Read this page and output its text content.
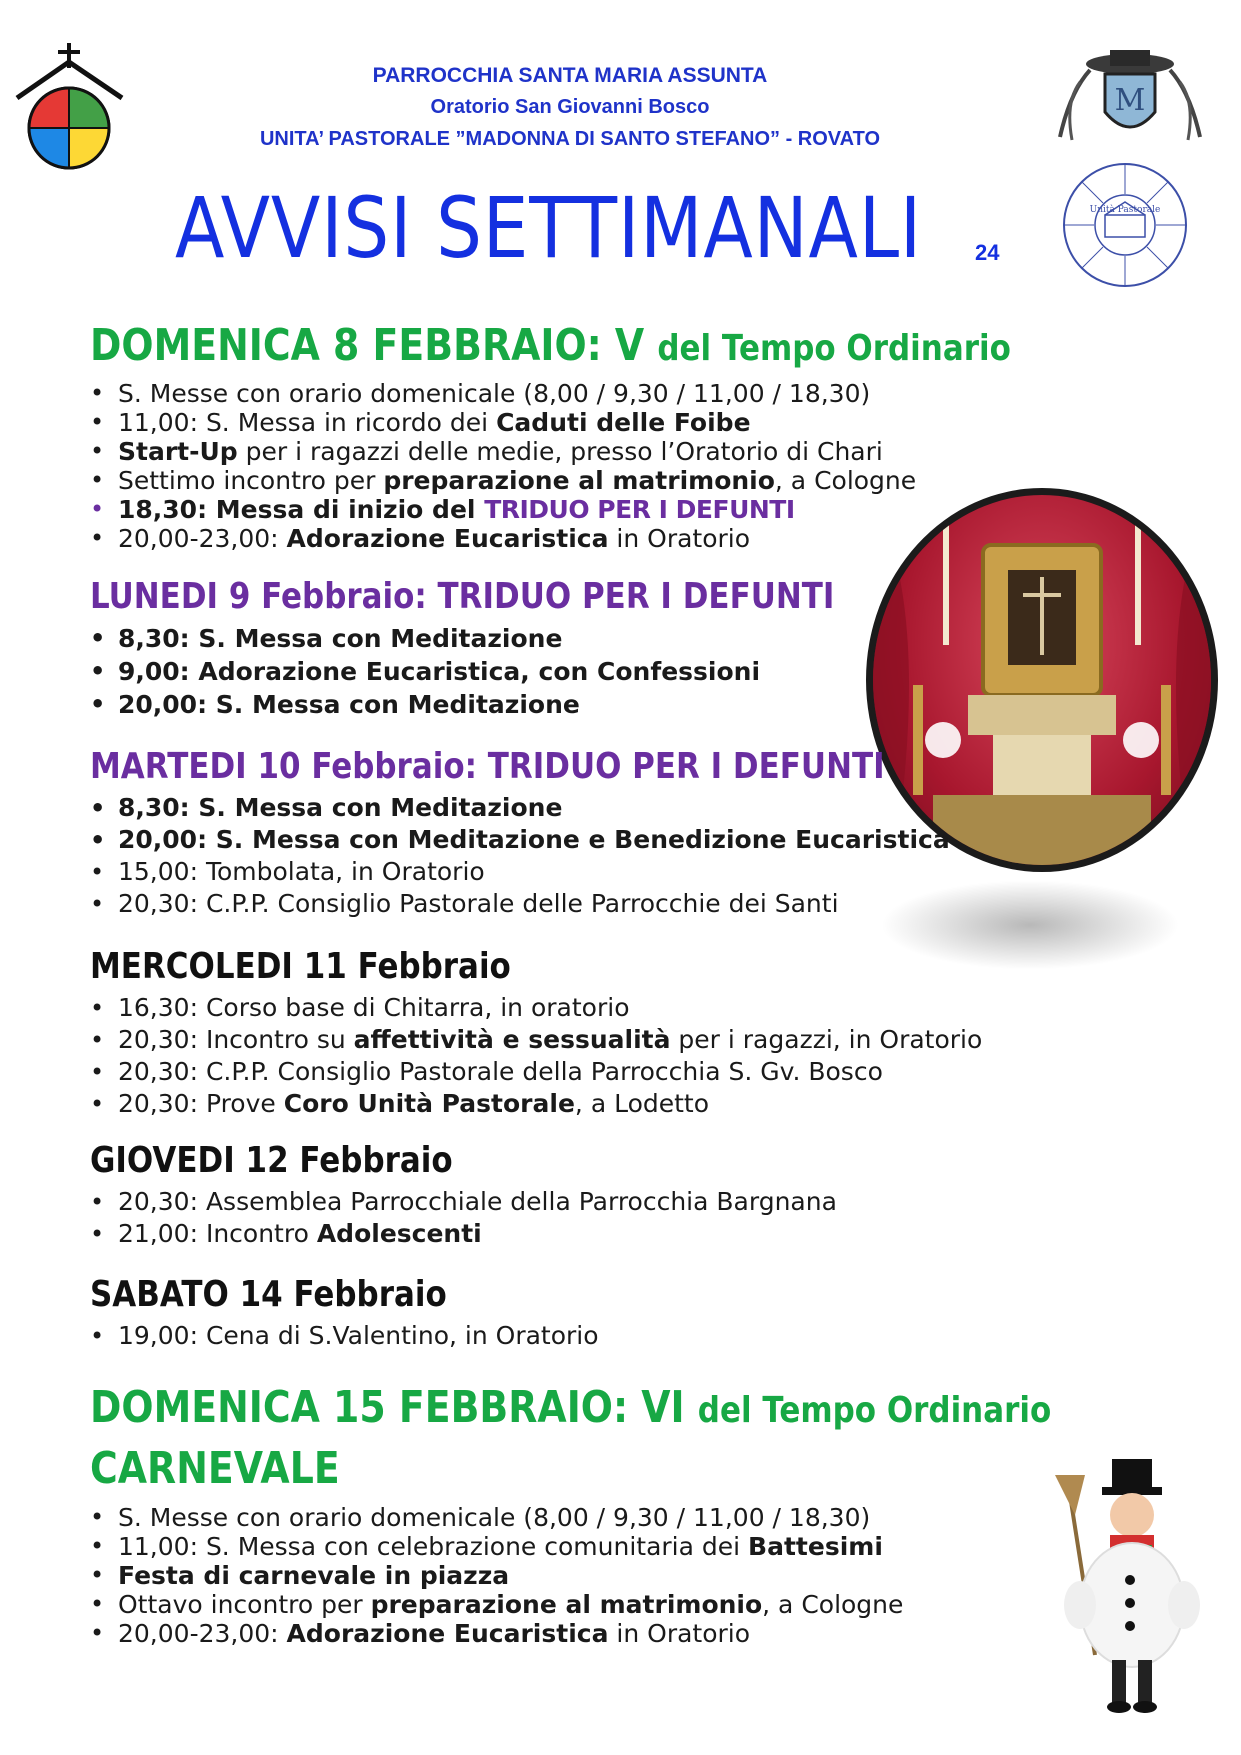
PARROCCHIA SANTA MARIA ASSUNTA
Oratorio San Giovanni Bosco
UNITA’ PASTORALE ”MADONNA DI SANTO STEFANO” - ROVATO
AVVISI SETTIMANALI 24
M
Unità Pastorale
DOMENICA 8 FEBBRAIO: V del Tempo Ordinario
• S. Messe con orario domenicale (8,00 / 9,30 / 11,00 / 18,30)
• 11,00: S. Messa in ricordo dei Caduti delle Foibe
• Start-Up per i ragazzi delle medie, presso l’Oratorio di Chari
• Settimo incontro per preparazione al matrimonio, a Cologne
• 18,30: Messa di inizio del TRIDUO PER I DEFUNTI
• 20,00-23,00: Adorazione Eucaristica in Oratorio
LUNEDI 9 Febbraio: TRIDUO PER I DEFUNTI
• 8,30: S. Messa con Meditazione
• 9,00: Adorazione Eucaristica, con Confessioni
• 20,00: S. Messa con Meditazione
MARTEDI 10 Febbraio: TRIDUO PER I DEFUNTI
• 8,30: S. Messa con Meditazione
• 20,00: S. Messa con Meditazione e Benedizione Eucaristica
• 15,00: Tombolata, in Oratorio
• 20,30: C.P.P. Consiglio Pastorale delle Parrocchie dei Santi
MERCOLEDI 11 Febbraio
• 16,30: Corso base di Chitarra, in oratorio
• 20,30: Incontro su affettività e sessualità per i ragazzi, in Oratorio
• 20,30: C.P.P. Consiglio Pastorale della Parrocchia S. Gv. Bosco
• 20,30: Prove Coro Unità Pastorale, a Lodetto
GIOVEDI 12 Febbraio
• 20,30: Assemblea Parrocchiale della Parrocchia Bargnana
• 21,00: Incontro Adolescenti
SABATO 14 Febbraio
• 19,00: Cena di S.Valentino, in Oratorio
DOMENICA 15 FEBBRAIO: VI del Tempo Ordinario
CARNEVALE
• S. Messe con orario domenicale (8,00 / 9,30 / 11,00 / 18,30)
• 11,00: S. Messa con celebrazione comunitaria dei Battesimi
• Festa di carnevale in piazza
• Ottavo incontro per preparazione al matrimonio, a Cologne
• 20,00-23,00: Adorazione Eucaristica in Oratorio
